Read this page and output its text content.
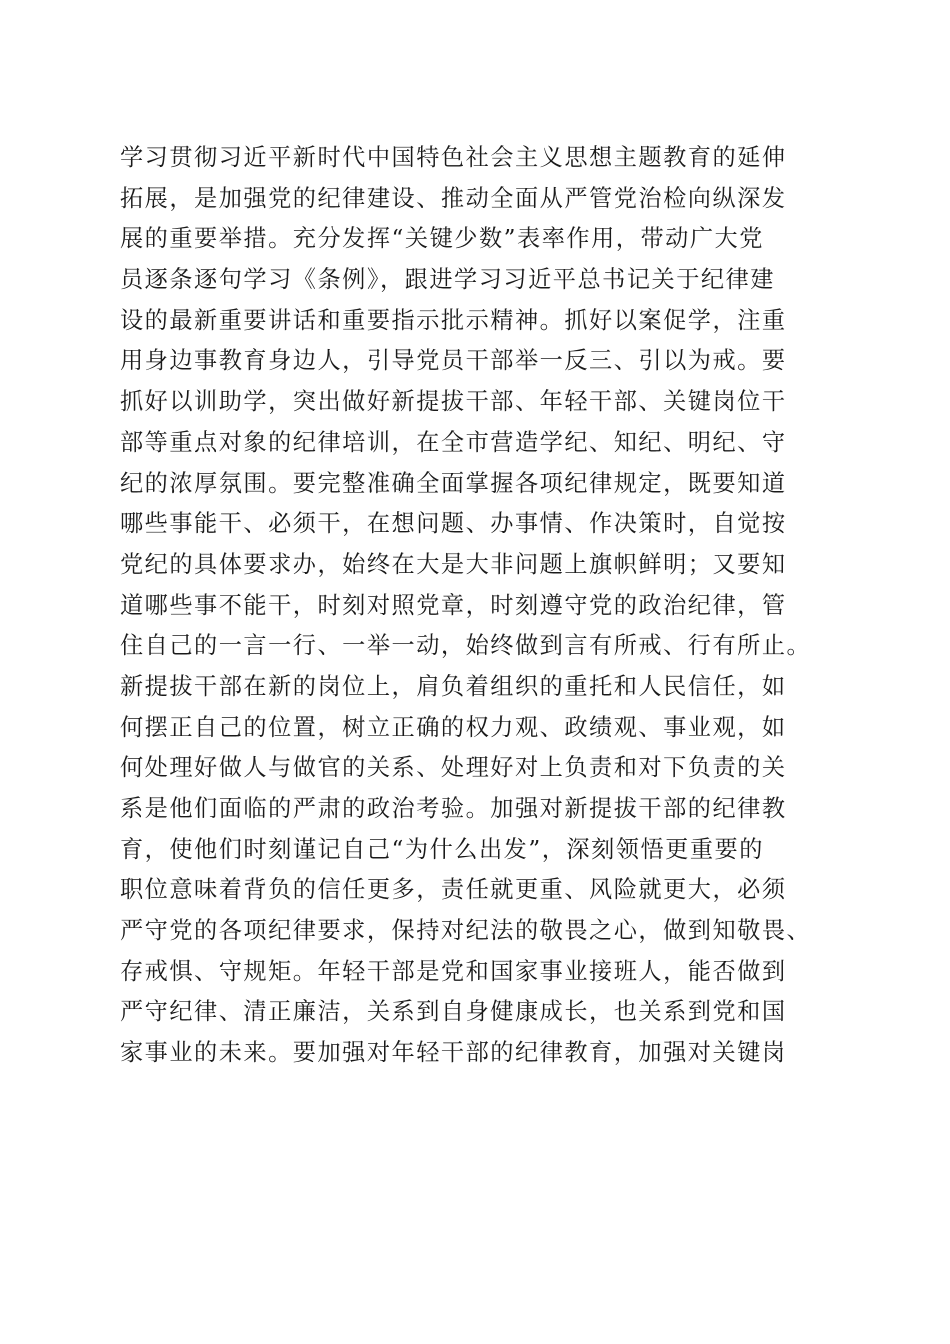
学习贯彻习近平新时代中国特色社会主义思想主题教育的延伸
拓展，是加强党的纪律建设、推动全面从严管党治检向纵深发
展的重要举措。充分发挥“关键少数”表率作用，带动广大党
员逐条逐句学习《条例》，跟进学习习近平总书记关于纪律建
设的最新重要讲话和重要指示批示精神。抓好以案促学，注重
用身边事教育身边人，引导党员干部举一反三、引以为戒。要
抓好以训助学，突出做好新提拔干部、年轻干部、关键岗位干
部等重点对象的纪律培训，在全市营造学纪、知纪、明纪、守
纪的浓厚氛围。要完整准确全面掌握各项纪律规定，既要知道
哪些事能干、必须干，在想问题、办事情、作决策时，自觉按
党纪的具体要求办，始终在大是大非问题上旗帜鲜明；又要知
道哪些事不能干，时刻对照党章，时刻遵守党的政治纪律，管
住自己的一言一行、一举一动，始终做到言有所戒、行有所止。
新提拔干部在新的岗位上，肩负着组织的重托和人民信任，如
何摆正自己的位置，树立正确的权力观、政绩观、事业观，如
何处理好做人与做官的关系、处理好对上负责和对下负责的关
系是他们面临的严肃的政治考验。加强对新提拔干部的纪律教
育，使他们时刻谨记自己“为什么出发”，深刻领悟更重要的
职位意味着背负的信任更多，责任就更重、风险就更大，必须
严守党的各项纪律要求，保持对纪法的敬畏之心，做到知敬畏、
存戒惧、守规矩。年轻干部是党和国家事业接班人，能否做到
严守纪律、清正廉洁，关系到自身健康成长，也关系到党和国
家事业的未来。要加强对年轻干部的纪律教育，加强对关键岗
